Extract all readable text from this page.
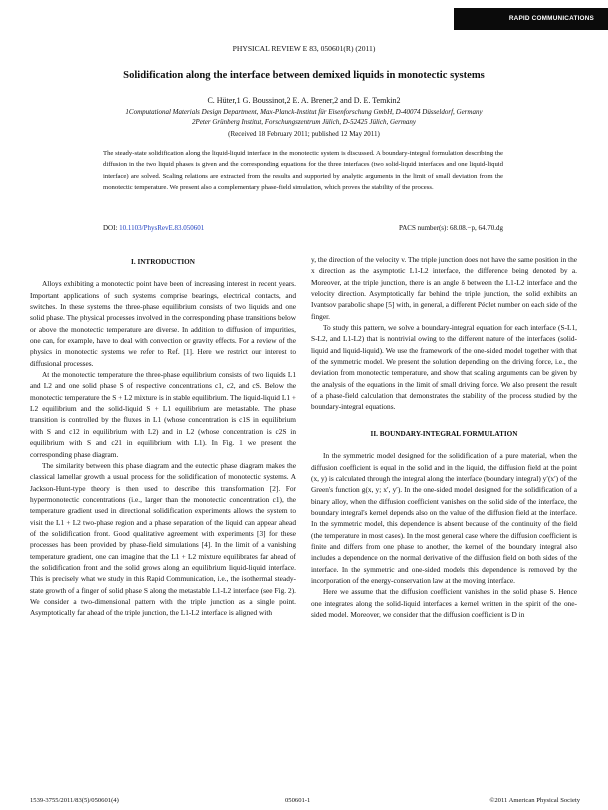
RAPID COMMUNICATIONS
PHYSICAL REVIEW E 83, 050601(R) (2011)
Solidification along the interface between demixed liquids in monotectic systems
C. Hüter,1 G. Boussinot,2 E. A. Brener,2 and D. E. Temkin2
1Computational Materials Design Department, Max-Planck-Institut für Eisenforschung GmbH, D-40074 Düsseldorf, Germany
2Peter Grünberg Institut, Forschungszentrum Jülich, D-52425 Jülich, Germany
(Received 18 February 2011; published 12 May 2011)
The steady-state solidification along the liquid-liquid interface in the monotectic system is discussed. A boundary-integral formulation describing the diffusion in the two liquid phases is given and the corresponding equations for the three interfaces (two solid-liquid interfaces and one liquid-liquid interface) are solved. Scaling relations are extracted from the results and supported by analytic arguments in the limit of small deviation from the monotectic temperature. We present also a complementary phase-field simulation, which proves the stability of the process.
DOI: 10.1103/PhysRevE.83.050601	PACS number(s): 68.08.−p, 64.70.dg
I. INTRODUCTION

Alloys exhibiting a monotectic point have been of increasing interest in recent years. Important applications of such systems comprise bearings, electrical contacts, and switches. In these systems the three-phase equilibrium consists of two liquids and one solid phase. The physical processes involved in the corresponding phase transitions below or above the monotectic temperature are diverse. In addition to diffusion of impurities, one can, for example, have to deal with convection or gravity effects. For a review of the physics in monotectic systems we refer to Ref. [1]. Here we restrict our interest to diffusional processes.

At the monotectic temperature the three-phase equilibrium consists of two liquids L1 and L2 and one solid phase S of respective concentrations c1, c2, and cS. Below the monotectic temperature the S + L2 mixture is in stable equilibrium. The liquid-liquid L1 + L2 equilibrium and the solid-liquid S + L1 equilibrium are metastable. The phase transition is controlled by the fluxes in L1 (whose concentration is c1S in equilibrium with S and c12 in equilibrium with L2) and in L2 (whose concentration is c2S in equilibrium with S and c21 in equilibrium with L1). In Fig. 1 we present the corresponding phase diagram.

The similarity between this phase diagram and the eutectic phase diagram makes the classical lamellar growth a usual process for the solidification of monotectic systems. A Jackson-Hunt-type theory is then used to describe this transformation [2]. For hypermonotectic concentrations (i.e., larger than the monotectic concentration c1), the temperature gradient used in directional solidification experiments allows the system to visit the L1 + L2 two-phase region and a phase separation of the liquid can appear ahead of the solidification front. Good qualitative agreement with experiments [3] for these processes has been provided by phase-field simulations [4]. In the limit of a vanishing temperature gradient, one can imagine that the L1 + L2 mixture equilibrates far ahead of the solidification front and the solid grows along an equilibrium liquid-liquid interface. This is precisely what we study in this Rapid Communication, i.e., the isothermal steady-state growth of a finger of solid phase S along the metastable L1-L2 interface (see Fig. 2). We consider a two-dimensional pattern with the triple junction as a single point. Asymptotically far ahead of the triple junction, the L1-L2 interface is aligned with

y, the direction of the velocity v. The triple junction does not have the same position in the x direction as the asymptotic L1-L2 interface, the difference being denoted by a. Moreover, at the triple junction, there is an angle δ between the L1-L2 interface and the velocity direction. Asymptotically far behind the triple junction, the solid exhibits an Ivantsov parabolic shape [5] with, in general, a different Péclet number on each side of the finger.

To study this pattern, we solve a boundary-integral equation for each interface (S-L1, S-L2, and L1-L2) that is nontrivial owing to the different nature of the interfaces (solid-liquid and liquid-liquid). We use the framework of the one-sided model together with that of the symmetric model. We present the solution depending on the driving force, i.e., the deviation from monotectic temperature, and show that scaling arguments can be given by the analysis of the equations in the limit of small driving force. We also present the result of a phase-field calculation that demonstrates the stability of the process studied by the boundary-integral equations.

II. BOUNDARY-INTEGRAL FORMULATION

In the symmetric model designed for the solidification of a pure material, when the diffusion coefficient is equal in the solid and in the liquid, the diffusion field at the point (x, y) is calculated through the integral along the interface (boundary integral) y′(x′) of the Green's function g(x, y; x′, y′). In the one-sided model designed for the solidification of a binary alloy, when the diffusion coefficient vanishes on the solid side of the interface, the boundary integral's kernel depends also on the value of the diffusion field at the interface. In the symmetric model, this dependence is absent because of the continuity of the field (the temperature in most cases). In the most general case where the diffusion coefficient is finite and differs from one phase to another, the kernel of the boundary integral also includes a dependence on the normal derivative of the diffusion field on both sides of the interface. In the symmetric and one-sided models this dependence is removed by the incorporation of the energy-conservation law at the moving interface.

Here we assume that the diffusion coefficient vanishes in the solid phase S. Hence one integrates along the solid-liquid interfaces a kernel written in the spirit of the one-sided model. Moreover, we consider that the diffusion coefficient is D in

1539-3755/2011/83(5)/050601(4)	050601-1	©2011 American Physical Society
